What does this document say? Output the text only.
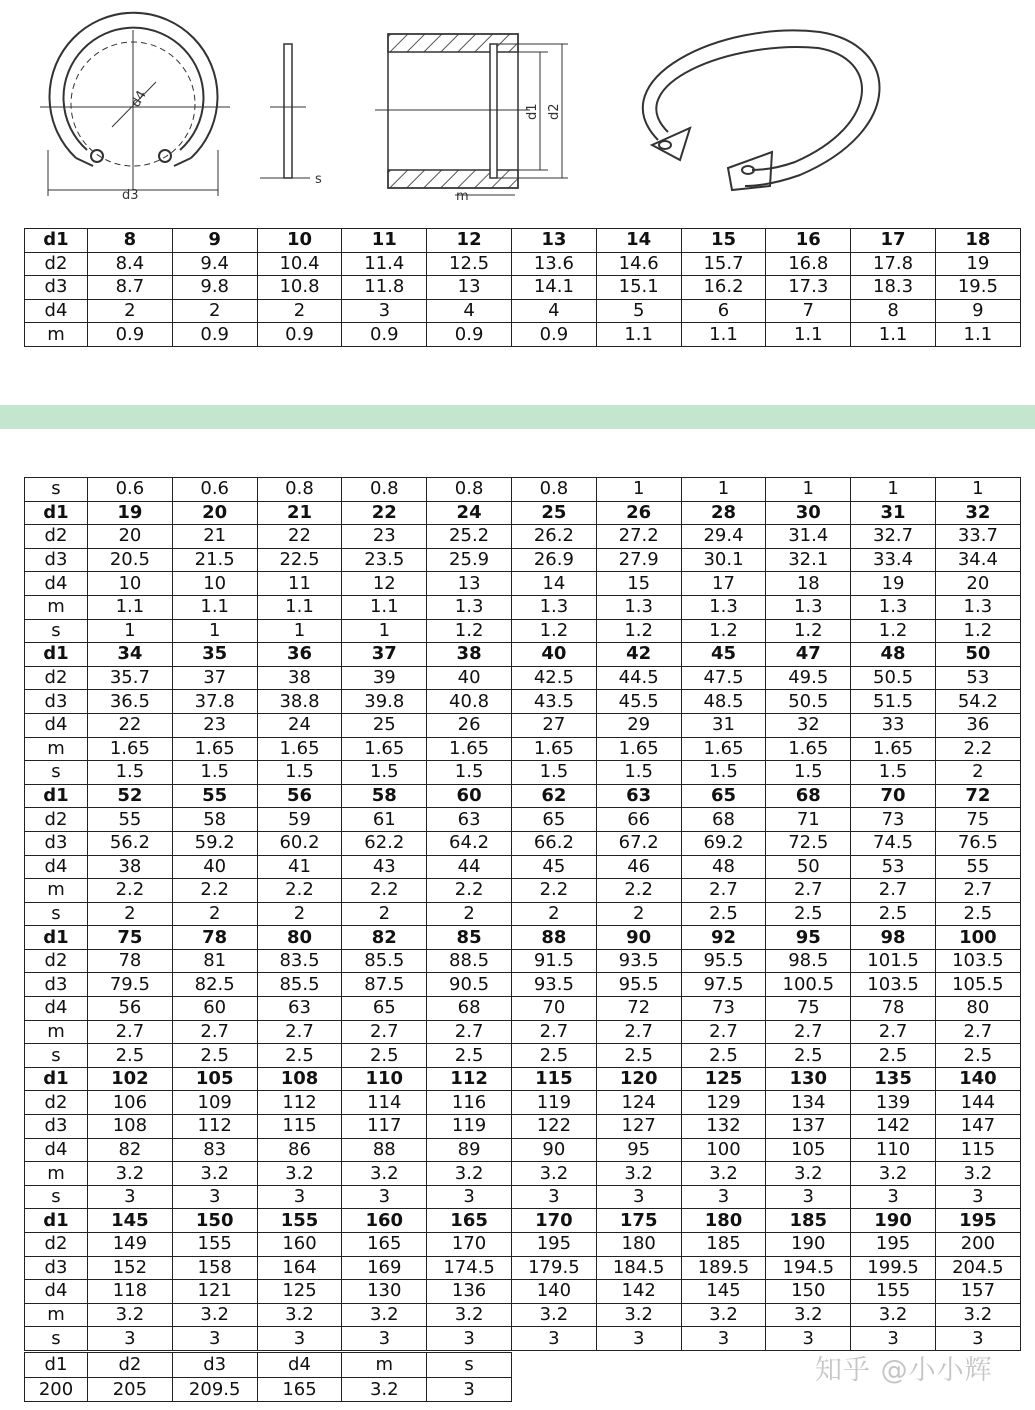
d4
d3
s
d1 d2
m
d1	8	9	10	11	12	13	14	15	16	17	18
d2	8.4	9.4	10.4	11.4	12.5	13.6	14.6	15.7	16.8	17.8	19
d3	8.7	9.8	10.8	11.8	13	14.1	15.1	16.2	17.3	18.3	19.5
d4	2	2	2	3	4	4	5	6	7	8	9
m	0.9	0.9	0.9	0.9	0.9	0.9	1.1	1.1	1.1	1.1	1.1
s	0.6	0.6	0.8	0.8	0.8	0.8	1	1	1	1	1
d1	19	20	21	22	24	25	26	28	30	31	32
d2	20	21	22	23	25.2	26.2	27.2	29.4	31.4	32.7	33.7
d3	20.5	21.5	22.5	23.5	25.9	26.9	27.9	30.1	32.1	33.4	34.4
d4	10	10	11	12	13	14	15	17	18	19	20
m	1.1	1.1	1.1	1.1	1.3	1.3	1.3	1.3	1.3	1.3	1.3
s	1	1	1	1	1.2	1.2	1.2	1.2	1.2	1.2	1.2
d1	34	35	36	37	38	40	42	45	47	48	50
d2	35.7	37	38	39	40	42.5	44.5	47.5	49.5	50.5	53
d3	36.5	37.8	38.8	39.8	40.8	43.5	45.5	48.5	50.5	51.5	54.2
d4	22	23	24	25	26	27	29	31	32	33	36
m	1.65	1.65	1.65	1.65	1.65	1.65	1.65	1.65	1.65	1.65	2.2
s	1.5	1.5	1.5	1.5	1.5	1.5	1.5	1.5	1.5	1.5	2
d1	52	55	56	58	60	62	63	65	68	70	72
d2	55	58	59	61	63	65	66	68	71	73	75
d3	56.2	59.2	60.2	62.2	64.2	66.2	67.2	69.2	72.5	74.5	76.5
d4	38	40	41	43	44	45	46	48	50	53	55
m	2.2	2.2	2.2	2.2	2.2	2.2	2.2	2.7	2.7	2.7	2.7
s	2	2	2	2	2	2	2	2.5	2.5	2.5	2.5
d1	75	78	80	82	85	88	90	92	95	98	100
d2	78	81	83.5	85.5	88.5	91.5	93.5	95.5	98.5	101.5	103.5
d3	79.5	82.5	85.5	87.5	90.5	93.5	95.5	97.5	100.5	103.5	105.5
d4	56	60	63	65	68	70	72	73	75	78	80
m	2.7	2.7	2.7	2.7	2.7	2.7	2.7	2.7	2.7	2.7	2.7
s	2.5	2.5	2.5	2.5	2.5	2.5	2.5	2.5	2.5	2.5	2.5
d1	102	105	108	110	112	115	120	125	130	135	140
d2	106	109	112	114	116	119	124	129	134	139	144
d3	108	112	115	117	119	122	127	132	137	142	147
d4	82	83	86	88	89	90	95	100	105	110	115
m	3.2	3.2	3.2	3.2	3.2	3.2	3.2	3.2	3.2	3.2	3.2
s	3	3	3	3	3	3	3	3	3	3	3
d1	145	150	155	160	165	170	175	180	185	190	195
d2	149	155	160	165	170	195	180	185	190	195	200
d3	152	158	164	169	174.5	179.5	184.5	189.5	194.5	199.5	204.5
d4	118	121	125	130	136	140	142	145	150	155	157
m	3.2	3.2	3.2	3.2	3.2	3.2	3.2	3.2	3.2	3.2	3.2
s	3	3	3	3	3	3	3	3	3	3	3
d1	d2	d3	d4	m	s
200	205	209.5	165	3.2	3
知乎 @小小辉
